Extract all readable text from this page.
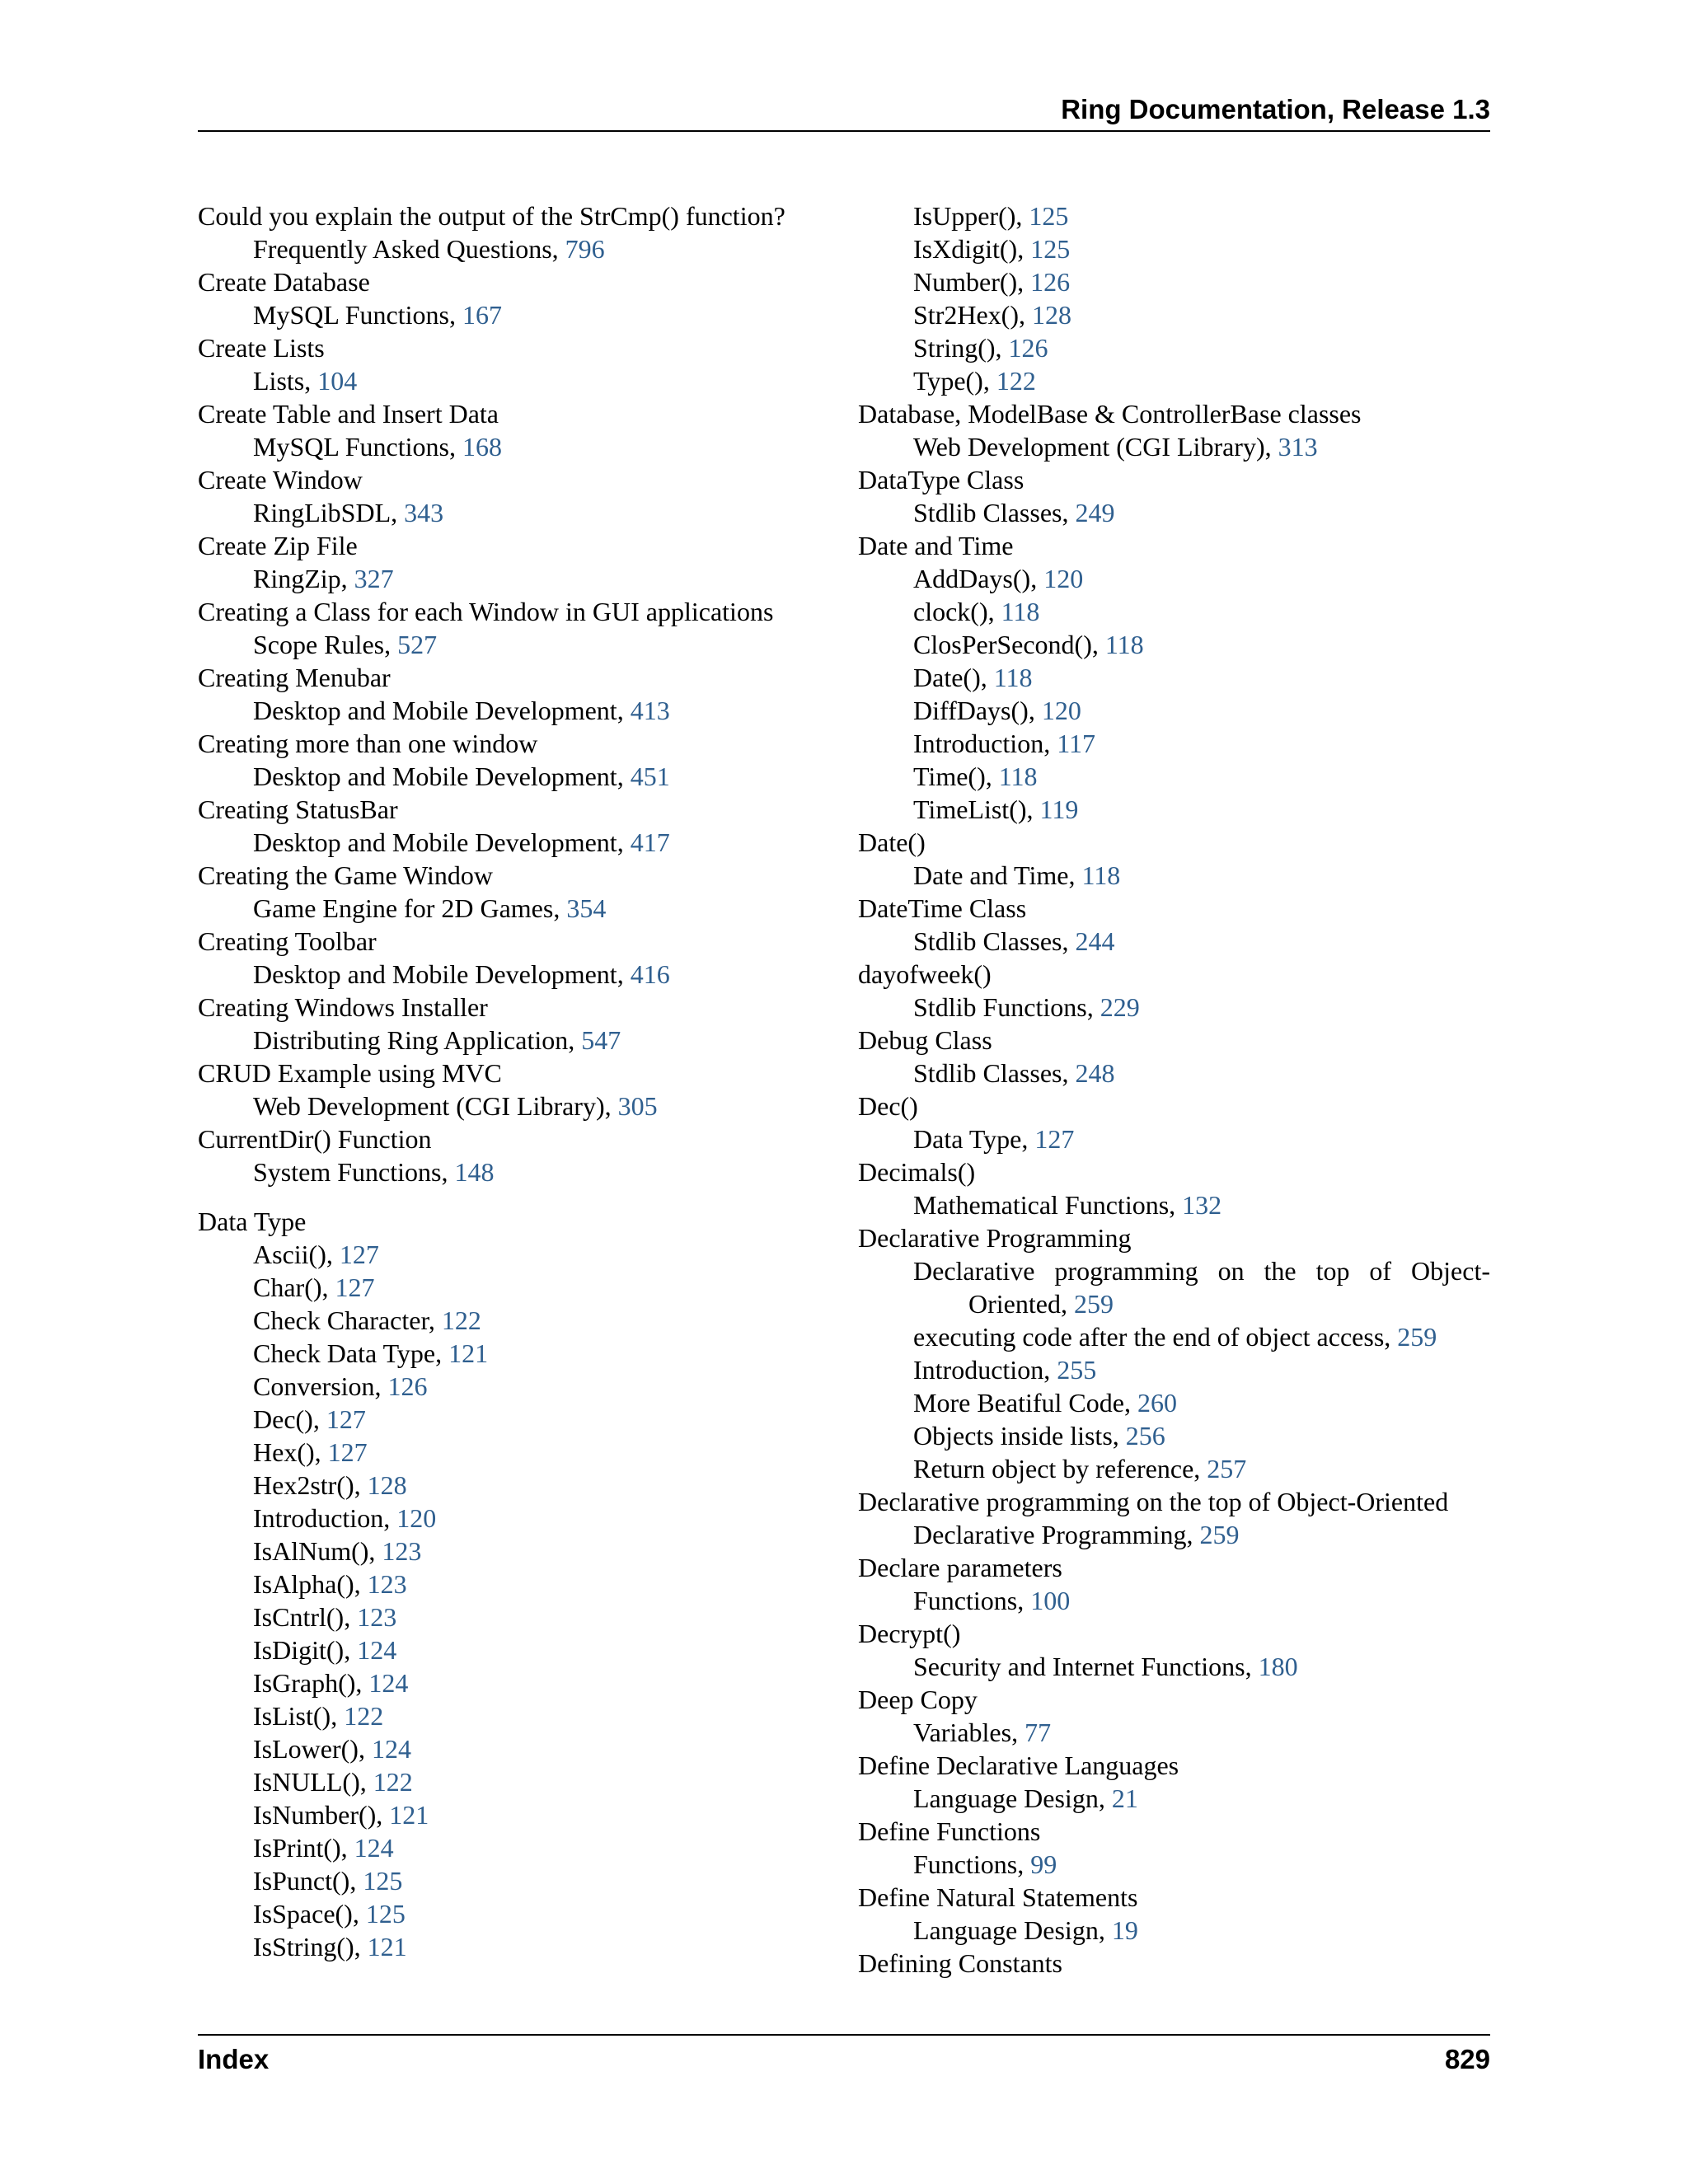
Ring Documentation, Release 1.3
Could you explain the output of the StrCmp() function?
Frequently Asked Questions, 796
Create Database
MySQL Functions, 167
Create Lists
Lists, 104
Create Table and Insert Data
MySQL Functions, 168
Create Window
RingLibSDL, 343
Create Zip File
RingZip, 327
Creating a Class for each Window in GUI applications
Scope Rules, 527
Creating Menubar
Desktop and Mobile Development, 413
Creating more than one window
Desktop and Mobile Development, 451
Creating StatusBar
Desktop and Mobile Development, 417
Creating the Game Window
Game Engine for 2D Games, 354
Creating Toolbar
Desktop and Mobile Development, 416
Creating Windows Installer
Distributing Ring Application, 547
CRUD Example using MVC
Web Development (CGI Library), 305
CurrentDir() Function
System Functions, 148
Data Type
Ascii(), 127
Char(), 127
Check Character, 122
Check Data Type, 121
Conversion, 126
Dec(), 127
Hex(), 127
Hex2str(), 128
Introduction, 120
IsAlNum(), 123
IsAlpha(), 123
IsCntrl(), 123
IsDigit(), 124
IsGraph(), 124
IsList(), 122
IsLower(), 124
IsNULL(), 122
IsNumber(), 121
IsPrint(), 124
IsPunct(), 125
IsSpace(), 125
IsString(), 121
IsUpper(), 125
IsXdigit(), 125
Number(), 126
Str2Hex(), 128
String(), 126
Type(), 122
Database, ModelBase & ControllerBase classes
Web Development (CGI Library), 313
DataType Class
Stdlib Classes, 249
Date and Time
AddDays(), 120
clock(), 118
ClosPerSecond(), 118
Date(), 118
DiffDays(), 120
Introduction, 117
Time(), 118
TimeList(), 119
Date()
Date and Time, 118
DateTime Class
Stdlib Classes, 244
dayofweek()
Stdlib Functions, 229
Debug Class
Stdlib Classes, 248
Dec()
Data Type, 127
Decimals()
Mathematical Functions, 132
Declarative Programming
Declarative programming on the top of Object-Oriented, 259
executing code after the end of object access, 259
Introduction, 255
More Beatiful Code, 260
Objects inside lists, 256
Return object by reference, 257
Declarative programming on the top of Object-Oriented
Declarative Programming, 259
Declare parameters
Functions, 100
Decrypt()
Security and Internet Functions, 180
Deep Copy
Variables, 77
Define Declarative Languages
Language Design, 21
Define Functions
Functions, 99
Define Natural Statements
Language Design, 19
Defining Constants
Index	829
